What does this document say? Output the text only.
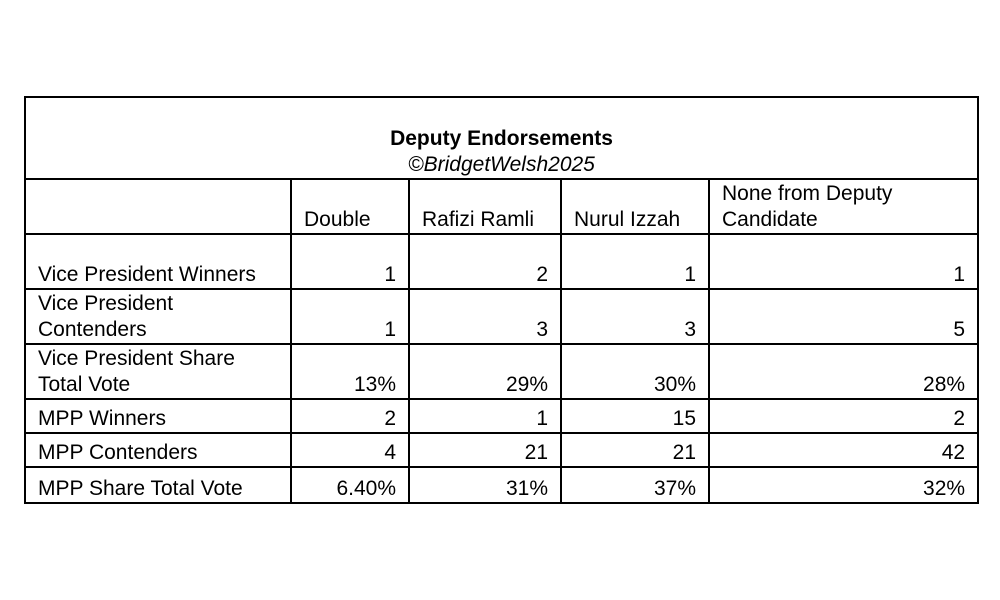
Deputy Endorsements
©BridgetWelsh2025				

	Double	Rafizi Ramli	Nurul Izzah	None from Deputy Candidate
Vice President Winners	1	2	1	1
Vice President Contenders	1	3	3	5
Vice President Share Total Vote	13%	29%	30%	28%
MPP Winners	2	1	15	2
MPP Contenders	4	21	21	42
MPP Share Total Vote	6.40%	31%	37%	32%
